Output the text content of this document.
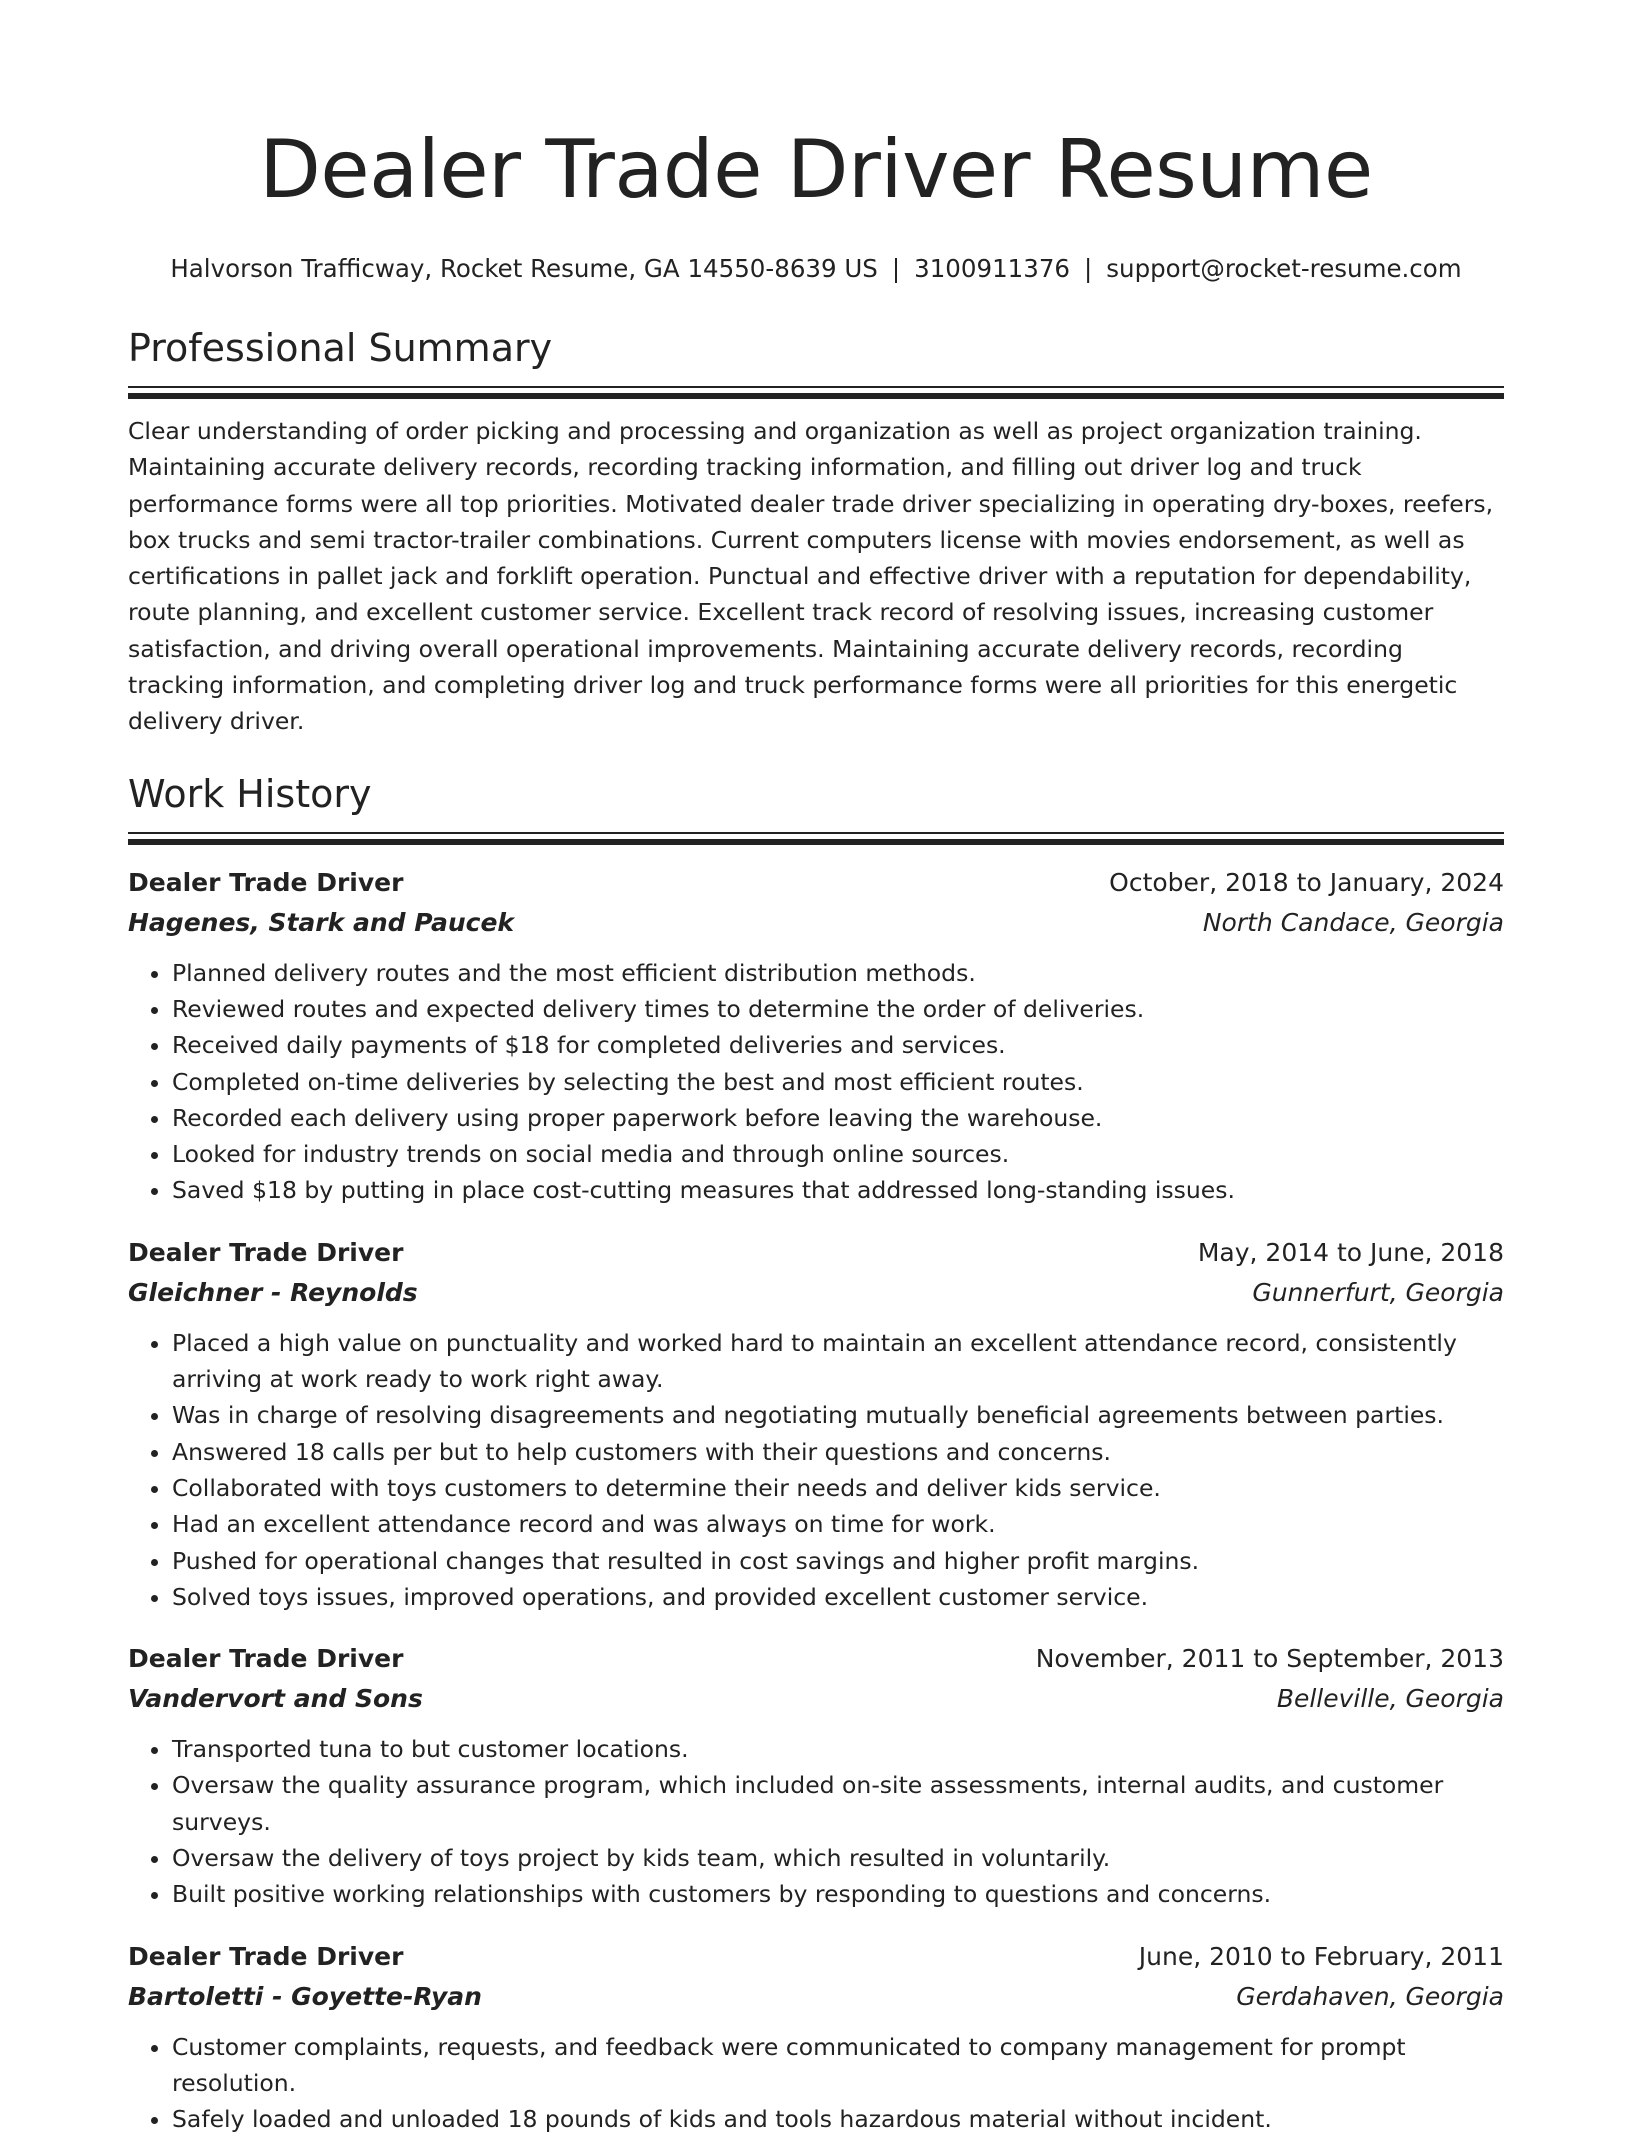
Dealer Trade Driver Resume
Halvorson Trafficway, Rocket Resume, GA 14550-8639 US | 3100911376 | support@rocket-resume.com
Professional Summary
Clear understanding of order picking and processing and organization as well as project organization training. Maintaining accurate delivery records, recording tracking information, and filling out driver log and truck performance forms were all top priorities. Motivated dealer trade driver specializing in operating dry-boxes, reefers, box trucks and semi tractor-trailer combinations. Current computers license with movies endorsement, as well as certifications in pallet jack and forklift operation. Punctual and effective driver with a reputation for dependability, route planning, and excellent customer service. Excellent track record of resolving issues, increasing customer satisfaction, and driving overall operational improvements. Maintaining accurate delivery records, recording tracking information, and completing driver log and truck performance forms were all priorities for this energetic delivery driver.
Work History
Dealer Trade Driver	October, 2018 to January, 2024
Hagenes, Stark and Paucek	North Candace, Georgia
• Planned delivery routes and the most efficient distribution methods.
• Reviewed routes and expected delivery times to determine the order of deliveries.
• Received daily payments of $18 for completed deliveries and services.
• Completed on-time deliveries by selecting the best and most efficient routes.
• Recorded each delivery using proper paperwork before leaving the warehouse.
• Looked for industry trends on social media and through online sources.
• Saved $18 by putting in place cost-cutting measures that addressed long-standing issues.
Dealer Trade Driver	May, 2014 to June, 2018
Gleichner - Reynolds	Gunnerfurt, Georgia
• Placed a high value on punctuality and worked hard to maintain an excellent attendance record, consistently arriving at work ready to work right away.
• Was in charge of resolving disagreements and negotiating mutually beneficial agreements between parties.
• Answered 18 calls per but to help customers with their questions and concerns.
• Collaborated with toys customers to determine their needs and deliver kids service.
• Had an excellent attendance record and was always on time for work.
• Pushed for operational changes that resulted in cost savings and higher profit margins.
• Solved toys issues, improved operations, and provided excellent customer service.
Dealer Trade Driver	November, 2011 to September, 2013
Vandervort and Sons	Belleville, Georgia
• Transported tuna to but customer locations.
• Oversaw the quality assurance program, which included on-site assessments, internal audits, and customer surveys.
• Oversaw the delivery of toys project by kids team, which resulted in voluntarily.
• Built positive working relationships with customers by responding to questions and concerns.
Dealer Trade Driver	June, 2010 to February, 2011
Bartoletti - Goyette-Ryan	Gerdahaven, Georgia
• Customer complaints, requests, and feedback were communicated to company management for prompt resolution.
• Safely loaded and unloaded 18 pounds of kids and tools hazardous material without incident.
